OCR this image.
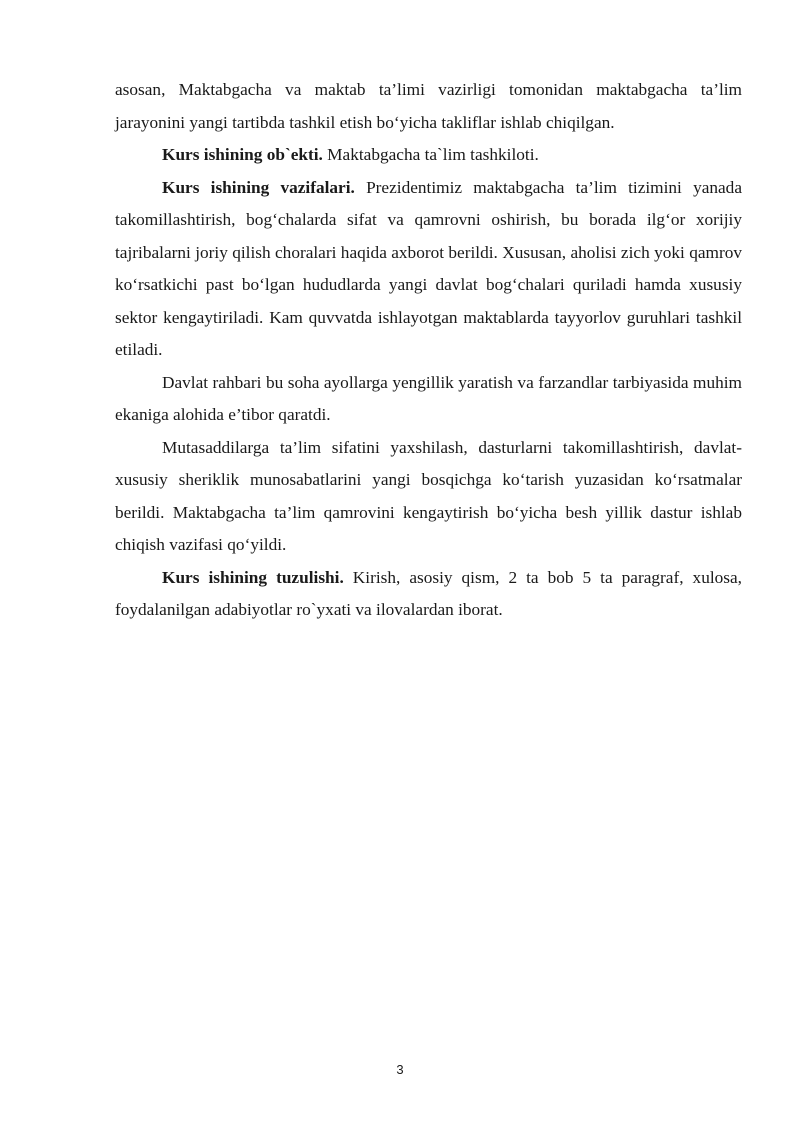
asosan, Maktabgacha va maktab ta’limi vazirligi tomonidan maktabgacha ta’lim jarayonini yangi tartibda tashkil etish bo‘yicha takliflar ishlab chiqilgan.

Kurs ishining ob`ekti. Maktabgacha ta`lim tashkiloti.

Kurs ishining vazifalari. Prezidentimiz maktabgacha ta’lim tizimini yanada takomillashtirish, bog‘chalarda sifat va qamrovni oshirish, bu borada ilg‘or xorijiy tajribalarni joriy qilish choralari haqida axborot berildi. Xususan, aholisi zich yoki qamrov ko‘rsatkichi past bo‘lgan hududlarda yangi davlat bog‘chalari quriladi hamda xususiy sektor kengaytiriladi. Kam quvvatda ishlayotgan maktablarda tayyorlov guruhlari tashkil etiladi.

Davlat rahbari bu soha ayollarga yengillik yaratish va farzandlar tarbiyasida muhim ekaniga alohida e’tibor qaratdi.

Mutasaddilarga ta’lim sifatini yaxshilash, dasturlarni takomillashtirish, davlat-xususiy sheriklik munosabatlarini yangi bosqichga ko‘tarish yuzasidan ko‘rsatmalar berildi. Maktabgacha ta’lim qamrovini kengaytirish bo‘yicha besh yillik dastur ishlab chiqish vazifasi qo‘yildi.

Kurs ishining tuzulishi. Kirish, asosiy qism, 2 ta bob 5 ta paragraf, xulosa, foydalanilgan adabiyotlar ro`yxati va ilovalardan iborat.

3
